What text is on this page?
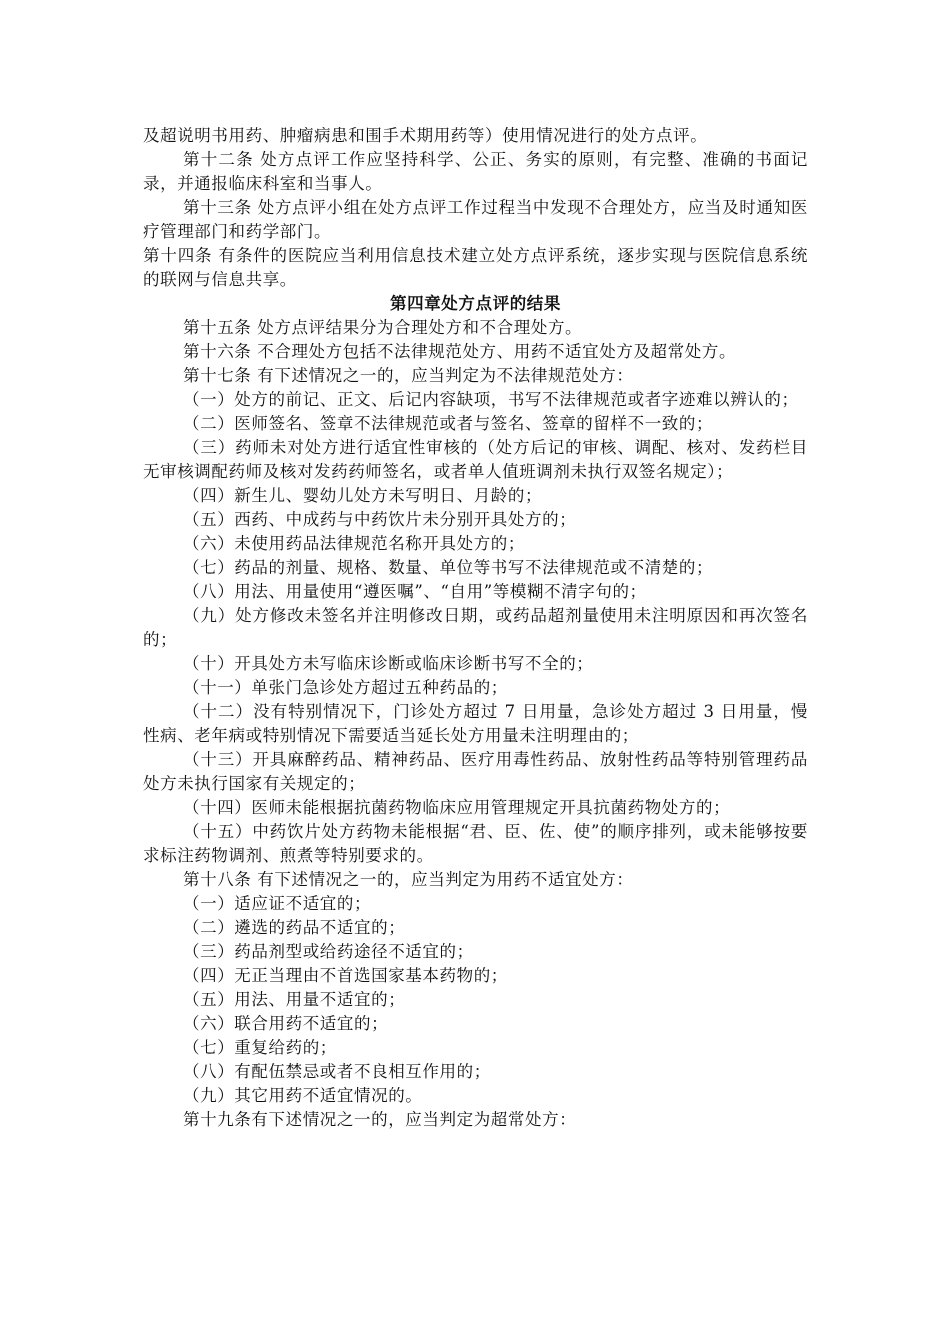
及超说明书用药、肿瘤病患和围手术期用药等）使用情况进行的处方点评。

第十二条 处方点评工作应坚持科学、公正、务实的原则，有完整、准确的书面记录，并通报临床科室和当事人。

第十三条 处方点评小组在处方点评工作过程当中发现不合理处方，应当及时通知医疗管理部门和药学部门。

第十四条 有条件的医院应当利用信息技术建立处方点评系统，逐步实现与医院信息系统的联网与信息共享。

第四章处方点评的结果

第十五条 处方点评结果分为合理处方和不合理处方。

第十六条 不合理处方包括不法律规范处方、用药不适宜处方及超常处方。

第十七条 有下述情况之一的，应当判定为不法律规范处方：

（一）处方的前记、正文、后记内容缺项，书写不法律规范或者字迹难以辨认的；

（二）医师签名、签章不法律规范或者与签名、签章的留样不一致的；

（三）药师未对处方进行适宜性审核的（处方后记的审核、调配、核对、发药栏目无审核调配药师及核对发药药师签名，或者单人值班调剂未执行双签名规定）；

（四）新生儿、婴幼儿处方未写明日、月龄的；

（五）西药、中成药与中药饮片未分别开具处方的；

（六）未使用药品法律规范名称开具处方的；

（七）药品的剂量、规格、数量、单位等书写不法律规范或不清楚的；

（八）用法、用量使用“遵医嘱”、“自用”等模糊不清字句的；

（九）处方修改未签名并注明修改日期，或药品超剂量使用未注明原因和再次签名的；

（十）开具处方未写临床诊断或临床诊断书写不全的；

（十一）单张门急诊处方超过五种药品的；

（十二）没有特别情况下，门诊处方超过 7 日用量，急诊处方超过 3 日用量，慢性病、老年病或特别情况下需要适当延长处方用量未注明理由的；

（十三）开具麻醉药品、精神药品、医疗用毒性药品、放射性药品等特别管理药品处方未执行国家有关规定的；

（十四）医师未能根据抗菌药物临床应用管理规定开具抗菌药物处方的；

（十五）中药饮片处方药物未能根据“君、臣、佐、使”的顺序排列，或未能够按要求标注药物调剂、煎煮等特别要求的。

第十八条 有下述情况之一的，应当判定为用药不适宜处方：

（一）适应证不适宜的；

（二）遴选的药品不适宜的；

（三）药品剂型或给药途径不适宜的；

（四）无正当理由不首选国家基本药物的；

（五）用法、用量不适宜的；

（六）联合用药不适宜的；

（七）重复给药的；

（八）有配伍禁忌或者不良相互作用的；

（九）其它用药不适宜情况的。

第十九条有下述情况之一的，应当判定为超常处方：
